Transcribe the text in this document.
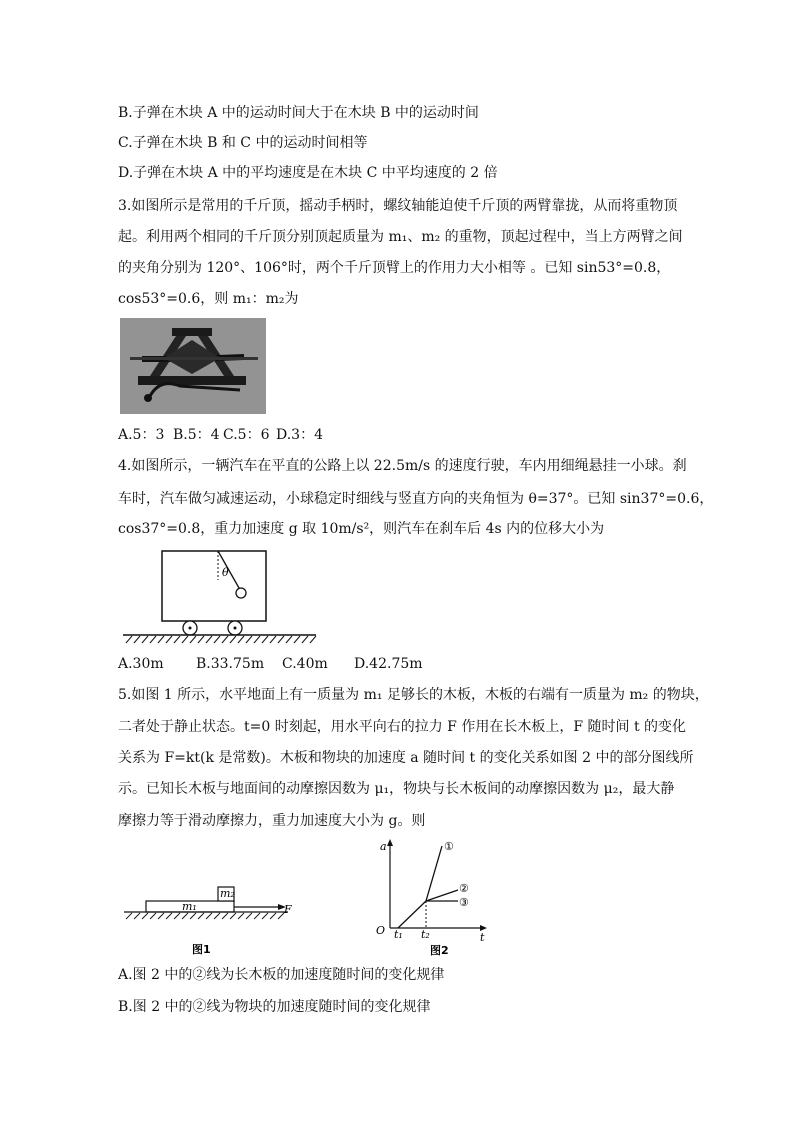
B.子弹在木块 A 中的运动时间大于在木块 B 中的运动时间
C.子弹在木块 B 和 C 中的运动时间相等
D.子弹在木块 A 中的平均速度是在木块 C 中平均速度的 2 倍
3.如图所示是常用的千斤顶，摇动手柄时，螺纹轴能迫使千斤顶的两臂靠拢，从而将重物顶
起。利用两个相同的千斤顶分别顶起质量为 m₁、m₂ 的重物，顶起过程中，当上方两臂之间
的夹角分别为 120°、106°时，两个千斤顶臂上的作用力大小相等 。已知 sin53°=0.8，
cos53°=0.6，则 m₁：m₂为
A.5：3 B.5：4 C.5：6 D.3：4
4.如图所示，一辆汽车在平直的公路上以 22.5m/s 的速度行驶，车内用细绳悬挂一小球。刹
车时，汽车做匀减速运动，小球稳定时细线与竖直方向的夹角恒为 θ=37°。已知 sin37°=0.6，
cos37°=0.8，重力加速度 g 取 10m/s²，则汽车在刹车后 4s 内的位移大小为
θ
A.30m B.33.75m C.40m D.42.75m
5.如图 1 所示，水平地面上有一质量为 m₁ 足够长的木板，木板的右端有一质量为 m₂ 的物块，
二者处于静止状态。t=0 时刻起，用水平向右的拉力 F 作用在长木板上，F 随时间 t 的变化
关系为 F=kt(k 是常数)。木板和物块的加速度 a 随时间 t 的变化关系如图 2 中的部分图线所
示。已知长木板与地面间的动摩擦因数为 μ₁，物块与长木板间的动摩擦因数为 μ₂，最大静
摩擦力等于滑动摩擦力，重力加速度大小为 g。则
m₁
m₂
F
图1
a
O
t
t₁ t₂
①
②
③
图2
A.图 2 中的②线为长木板的加速度随时间的变化规律
B.图 2 中的②线为物块的加速度随时间的变化规律
